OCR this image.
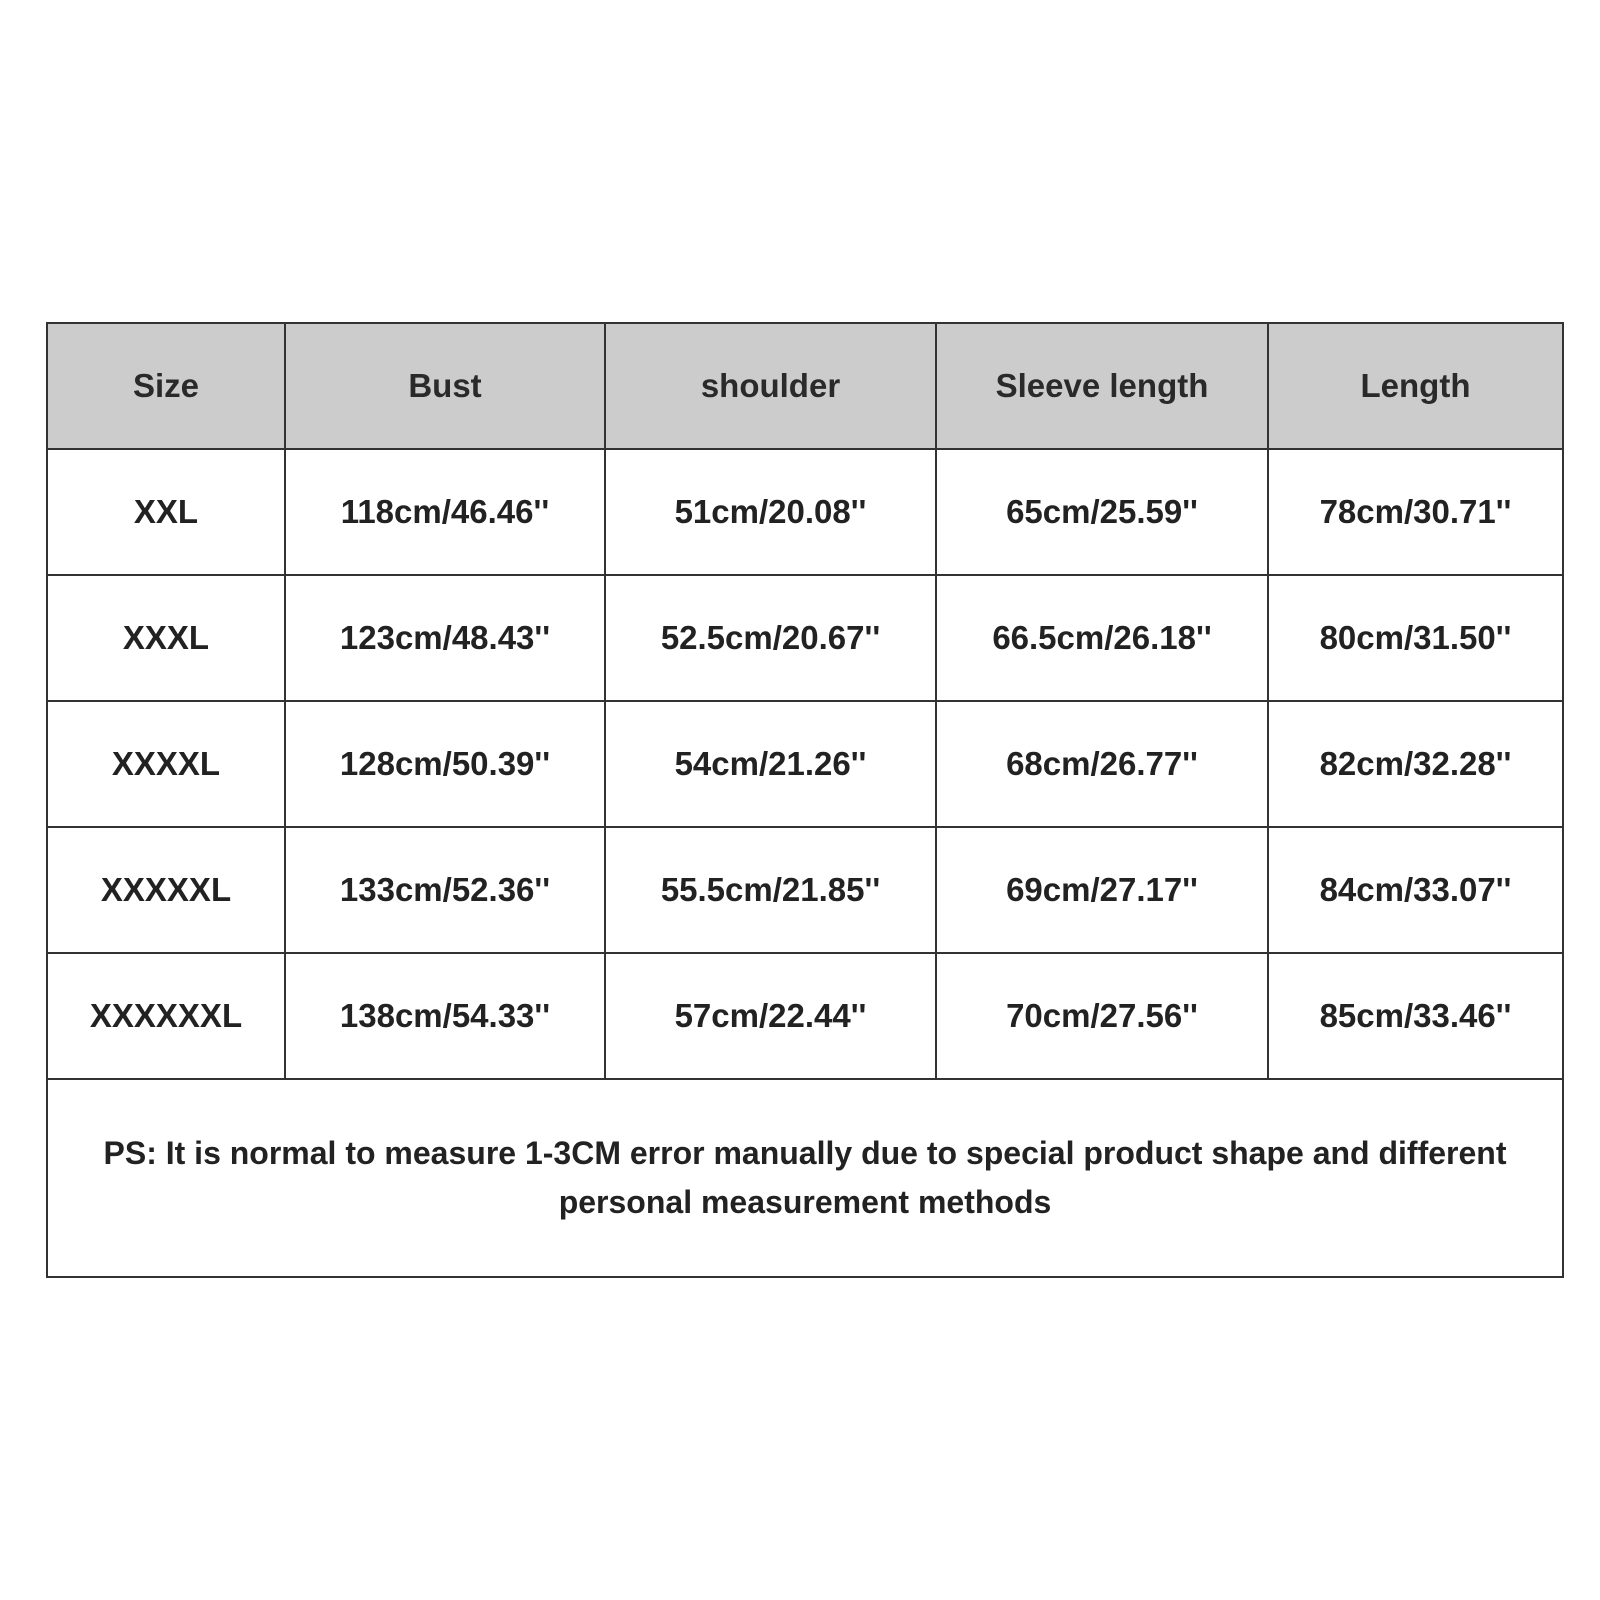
Size	Bust	shoulder	Sleeve length	Length
XXL	118cm/46.46''	51cm/20.08''	65cm/25.59''	78cm/30.71''
XXXL	123cm/48.43''	52.5cm/20.67''	66.5cm/26.18''	80cm/31.50''
XXXXL	128cm/50.39''	54cm/21.26''	68cm/26.77''	82cm/32.28''
XXXXXL	133cm/52.36''	55.5cm/21.85''	69cm/27.17''	84cm/33.07''
XXXXXXL	138cm/54.33''	57cm/22.44''	70cm/27.56''	85cm/33.46''
PS: It is normal to measure 1-3CM error manually due to special product shape and different personal measurement methods				
